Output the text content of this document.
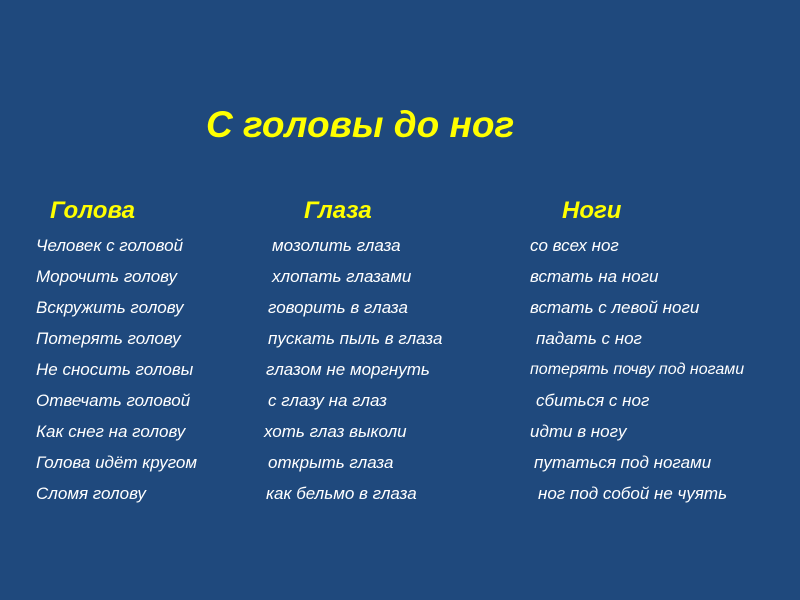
С головы до ног
Голова	Глаза	Ноги
Человек с головой
Морочить голову
Вскружить голову
Потерять голову
Не сносить головы
Отвечать головой
Как снег на голову
Голова идёт кругом
Сломя голову
мозолить глаза
хлопать глазами
говорить в глаза
пускать пыль в глаза
глазом не моргнуть
с глазу на глаз
хоть глаз выколи
открыть глаза
как бельмо в глаза
со всех ног
встать на ноги
встать с левой ноги
падать с ног
потерять почву под ногами
сбиться с ног
идти в ногу
путаться под ногами
ног под собой не чуять
